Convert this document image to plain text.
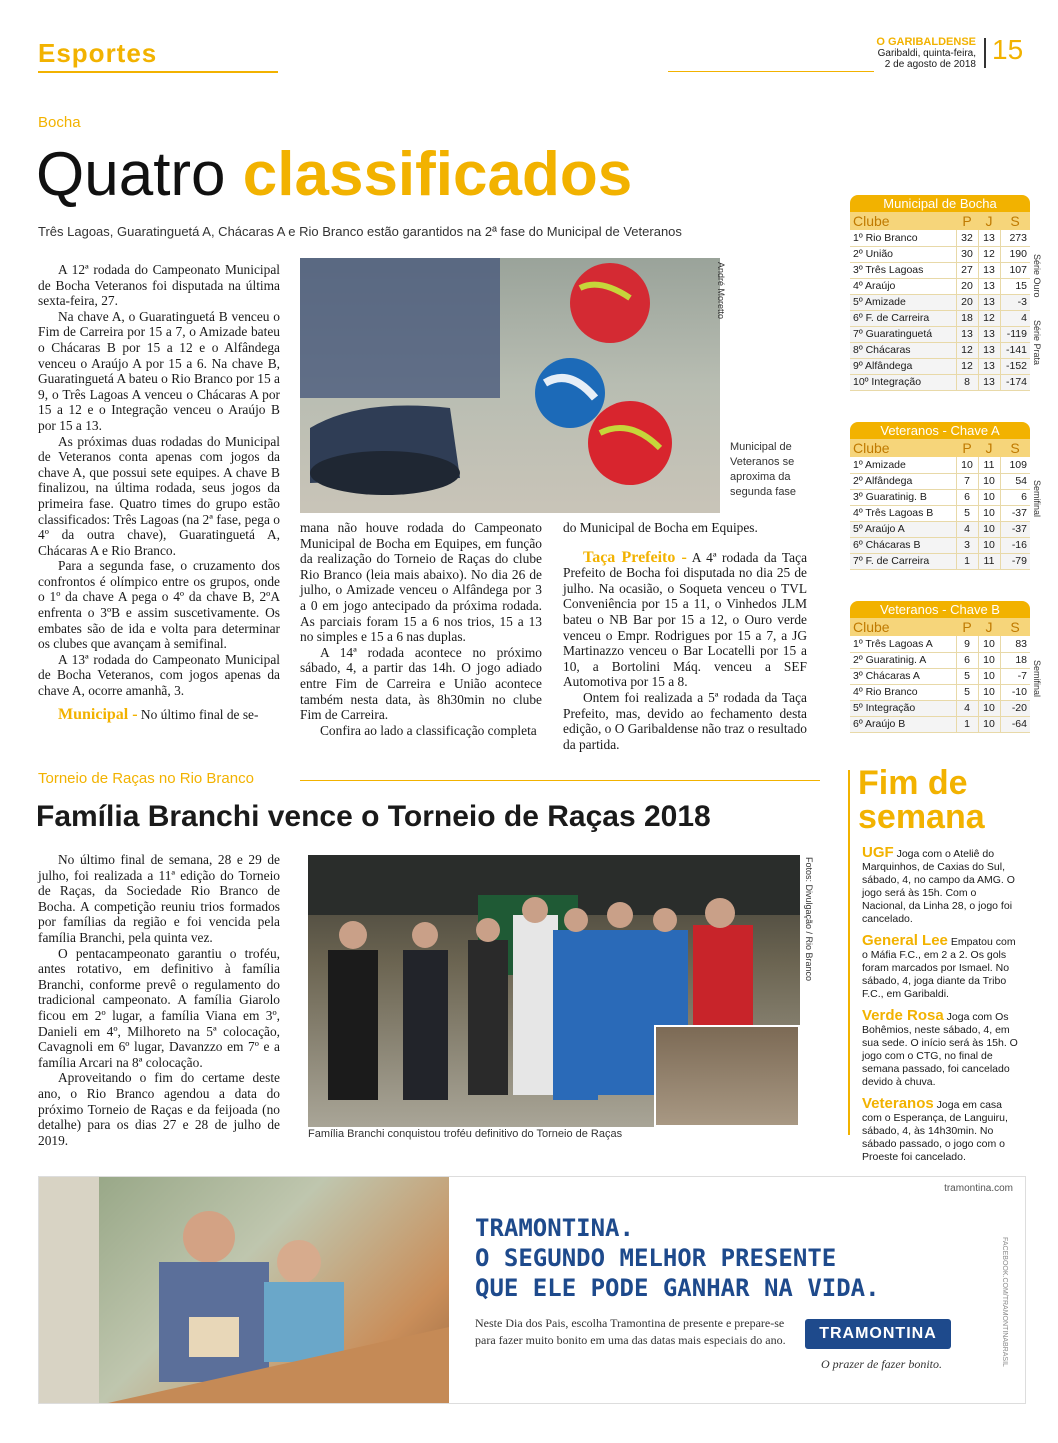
Esportes	O GARIBALDENSE
Garibaldi, quinta-feira,
2 de agosto de 2018 15
Bocha
Quatro classificados
Três Lagoas, Guaratinguetá A, Chácaras A e Rio Branco estão garantidos na 2ª fase do Municipal de Veteranos

A 12ª rodada do Campeonato Municipal de Bocha Veteranos foi disputada na última sexta-feira, 27.

Na chave A, o Guaratinguetá B venceu o Fim de Carreira por 15 a 7, o Amizade bateu o Chácaras B por 15 a 12 e o Alfândega venceu o Araújo A por 15 a 6. Na chave B, Guaratinguetá A bateu o Rio Branco por 15 a 9, o Três Lagoas A venceu o Chácaras A por 15 a 12 e o Integração venceu o Araújo B por 15 a 13.

As próximas duas rodadas do Municipal de Veteranos conta apenas com jogos da chave A, que possui sete equipes. A chave B finalizou, na última rodada, seus jogos da primeira fase. Quatro times do grupo estão classificados: Três Lagoas (na 2ª fase, pega o 4º da outra chave), Guaratinguetá A, Chácaras A e Rio Branco.

Para a segunda fase, o cruzamento dos confrontos é olímpico entre os grupos, onde o 1º da chave A pega o 4º da chave B, 2ºA enfrenta o 3ºB e assim suscetivamente. Os embates são de ida e volta para determinar os clubes que avançam à semifinal.

A 13ª rodada do Campeonato Municipal de Bocha Veteranos, com jogos apenas da chave A, ocorre amanhã, 3.

Municipal - No último final de se-

André Moretto
Municipal de Veteranos se aproxima da segunda fase

mana não houve rodada do Campeonato Municipal de Bocha em Equipes, em função da realização do Torneio de Raças do clube Rio Branco (leia mais abaixo). No dia 26 de julho, o Amizade venceu o Alfândega por 3 a 0 em jogo antecipado da próxima rodada. As parciais foram 15 a 6 nos trios, 15 a 13 no simples e 15 a 6 nas duplas.

A 14ª rodada acontece no próximo sábado, 4, a partir das 14h. O jogo adiado entre Fim de Carreira e União acontece também nesta data, às 8h30min no clube Fim de Carreira.

Confira ao lado a classificação completa

do Municipal de Bocha em Equipes.

Taça Prefeito - A 4ª rodada da Taça Prefeito de Bocha foi disputada no dia 25 de julho. Na ocasião, o Soqueta venceu o TVL Conveniência por 15 a 11, o Vinhedos JLM bateu o NB Bar por 15 a 12, o Ouro verde venceu o Empr. Rodrigues por 15 a 7, a JG Martinazzo venceu o Bar Locatelli por 15 a 10, a Bortolini Máq. venceu a SEF Automotiva por 15 a 8.

Ontem foi realizada a 5ª rodada da Taça Prefeito, mas, devido ao fechamento desta edição, o O Garibaldense não traz o resultado da partida.

Municipal de Bocha
Clube	P	J	S
1º Rio Branco	32	13	273
2º União	30	12	190
3º Três Lagoas	27	13	107
4º Araújo	20	13	15
5º Amizade	20	13	-3
6º F. de Carreira	18	12	4
7º Guaratinguetá	13	13	-119
8º Chácaras	12	13	-141
9º Alfândega	12	13	-152
10º Integração	8	13	-174
Série Ouro
Série Prata
Veteranos - Chave A
Clube	P	J	S
1º Amizade	10	11	109
2º Alfândega	7	10	54
3º Guaratinig. B	6	10	6
4º Três Lagoas B	5	10	-37
5º Araújo A	4	10	-37
6º Chácaras B	3	10	-16
7º F. de Carreira	1	11	-79
Semifinal
Veteranos - Chave B
Clube	P	J	S
1º Três Lagoas A	9	10	83
2º Guaratinig. A	6	10	18
3º Chácaras A	5	10	-7
4º Rio Branco	5	10	-10
5º Integração	4	10	-20
6º Araújo B	1	10	-64
Semifinal
Torneio de Raças no Rio Branco
Família Branchi vence o Torneio de Raças 2018

No último final de semana, 28 e 29 de julho, foi realizada a 11ª edição do Torneio de Raças, da Sociedade Rio Branco de Bocha. A competição reuniu trios formados por famílias da região e foi vencida pela família Branchi, pela quinta vez.

O pentacampeonato garantiu o troféu, antes rotativo, em definitivo à família Branchi, conforme prevê o regulamento do tradicional campeonato. A família Giarolo ficou em 2º lugar, a família Viana em 3º, Danieli em 4º, Milhoreto na 5ª colocação, Cavagnoli em 6º lugar, Davanzzo em 7º e a família Arcari na 8ª colocação.

Aproveitando o fim do certame deste ano, o Rio Branco agendou a data do próximo Torneio de Raças e da feijoada (no detalhe) para os dias 27 e 28 de julho de 2019.

Fotos: Divulgação / Rio Branco
Família Branchi conquistou troféu definitivo do Torneio de Raças
Fim de
semana

UGF Joga com o Ateliê do Marquinhos, de Caxias do Sul, sábado, 4, no campo da AMG. O jogo será às 15h. Com o Nacional, da Linha 28, o jogo foi cancelado.

General Lee Empatou com o Máfia F.C., em 2 a 2. Os gols foram marcados por Ismael. No sábado, 4, joga diante da Tribo F.C., em Garibaldi.

Verde Rosa Joga com Os Bohêmios, neste sábado, 4, em sua sede. O início será às 15h. O jogo com o CTG, no final de semana passado, foi cancelado devido à chuva.

Veteranos Joga em casa com o Esperança, de Languiru, sábado, 4, às 14h30min. No sábado passado, o jogo com o Proeste foi cancelado.

tramontina.com
TRAMONTINA.
O SEGUNDO MELHOR PRESENTE
QUE ELE PODE GANHAR NA VIDA.
Neste Dia dos Pais, escolha Tramontina de presente e prepare-se para fazer muito bonito em uma das datas mais especiais do ano.	TRAMONTINA
O prazer de fazer bonito.	FACEBOOK.COM/TRAMONTINABRASIL
